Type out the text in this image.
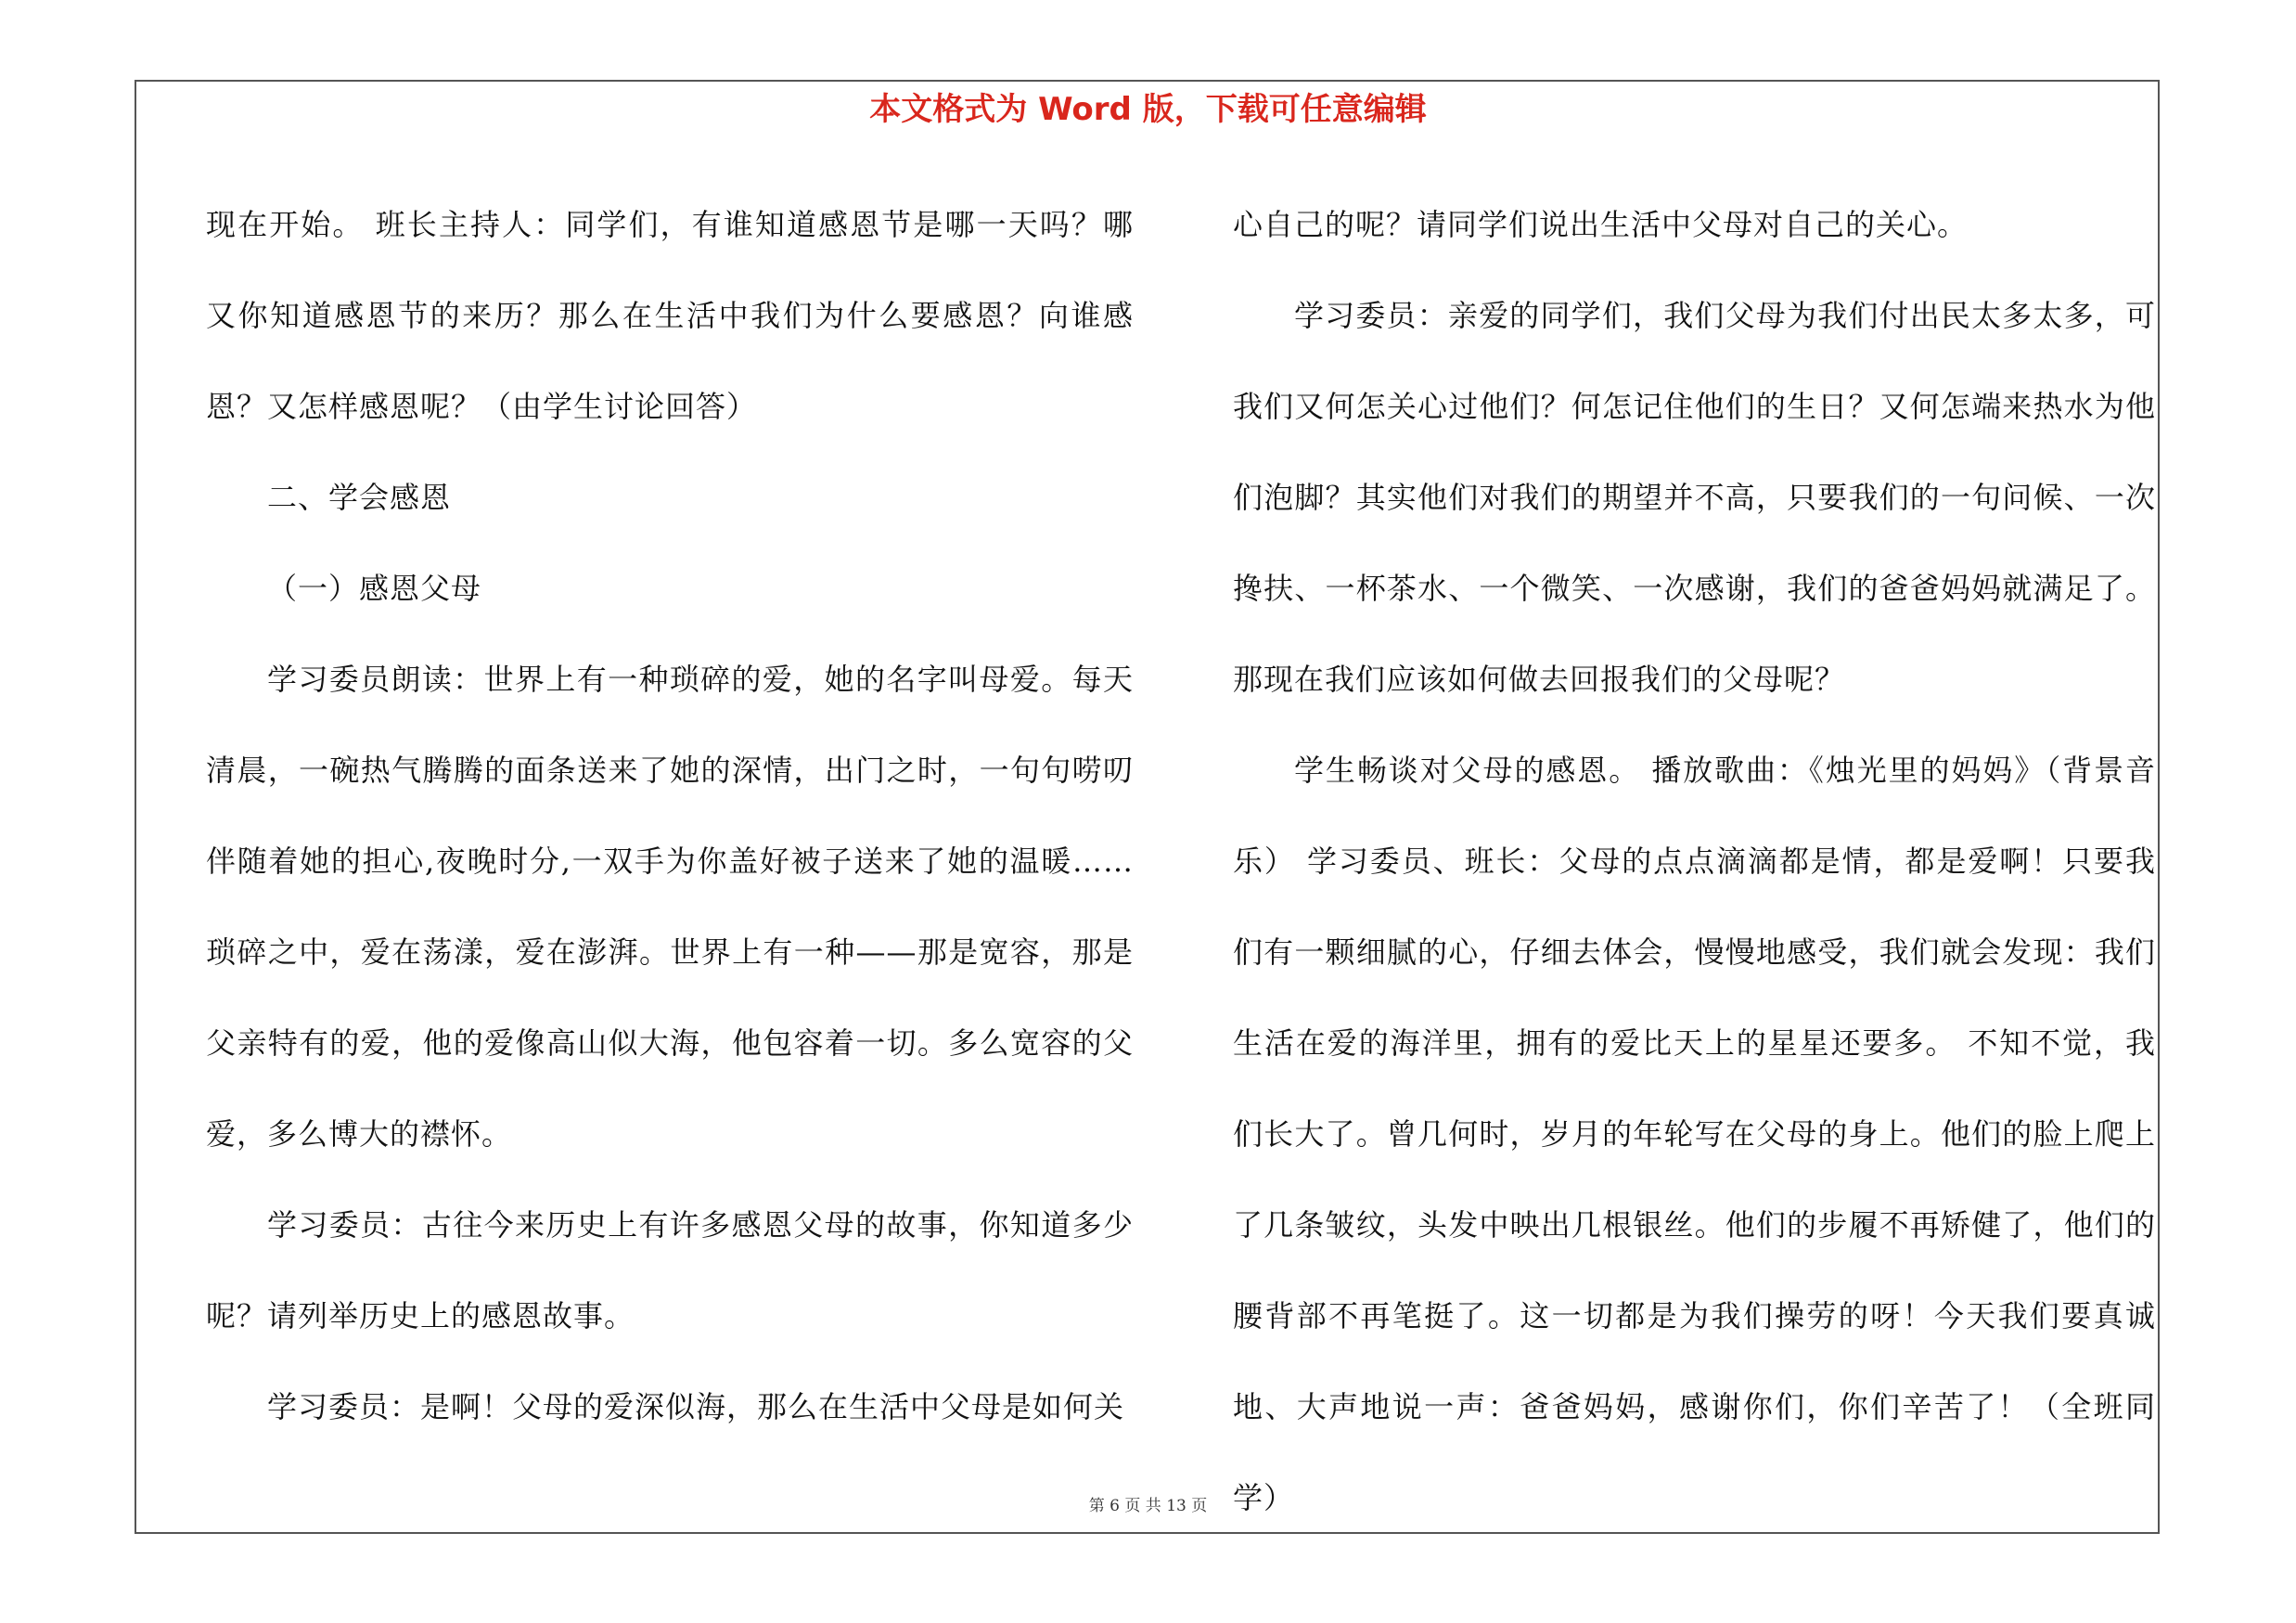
本文格式为 Word 版，下载可任意编辑

现在开始。 班长主持人：同学们，有谁知道感恩节是哪一天吗？哪又你知道感恩节的来历？那么在生活中我们为什么要感恩？向谁感恩？又怎样感恩呢？（由学生讨论回答）

二、学会感恩

（一）感恩父母

学习委员朗读：世界上有一种琐碎的爱，她的名字叫母爱。每天清晨，一碗热气腾腾的面条送来了她的深情，出门之时，一句句唠叨伴随着她的担心,夜晚时分,一双手为你盖好被子送来了她的温暖……琐碎之中，爱在荡漾，爱在澎湃。世界上有一种——那是宽容，那是父亲特有的爱，他的爱像高山似大海，他包容着一切。多么宽容的父爱，多么博大的襟怀。

学习委员：古往今来历史上有许多感恩父母的故事，你知道多少呢？请列举历史上的感恩故事。

学习委员：是啊！父母的爱深似海，那么在生活中父母是如何关

心自己的呢？请同学们说出生活中父母对自己的关心。

学习委员：亲爱的同学们，我们父母为我们付出民太多太多，可我们又何怎关心过他们？何怎记住他们的生日？又何怎端来热水为他们泡脚？其实他们对我们的期望并不高，只要我们的一句问候、一次搀扶、一杯茶水、一个微笑、一次感谢，我们的爸爸妈妈就满足了。那现在我们应该如何做去回报我们的父母呢？

学生畅谈对父母的感恩。 播放歌曲：《烛光里的妈妈》（背景音乐） 学习委员、班长：父母的点点滴滴都是情，都是爱啊！只要我们有一颗细腻的心，仔细去体会，慢慢地感受，我们就会发现：我们生活在爱的海洋里，拥有的爱比天上的星星还要多。 不知不觉，我们长大了。曾几何时，岁月的年轮写在父母的身上。他们的脸上爬上了几条皱纹，头发中映出几根银丝。他们的步履不再矫健了，他们的腰背部不再笔挺了。这一切都是为我们操劳的呀！今天我们要真诚地、大声地说一声：爸爸妈妈，感谢你们，你们辛苦了！（全班同学）

第 6 页 共 13 页
